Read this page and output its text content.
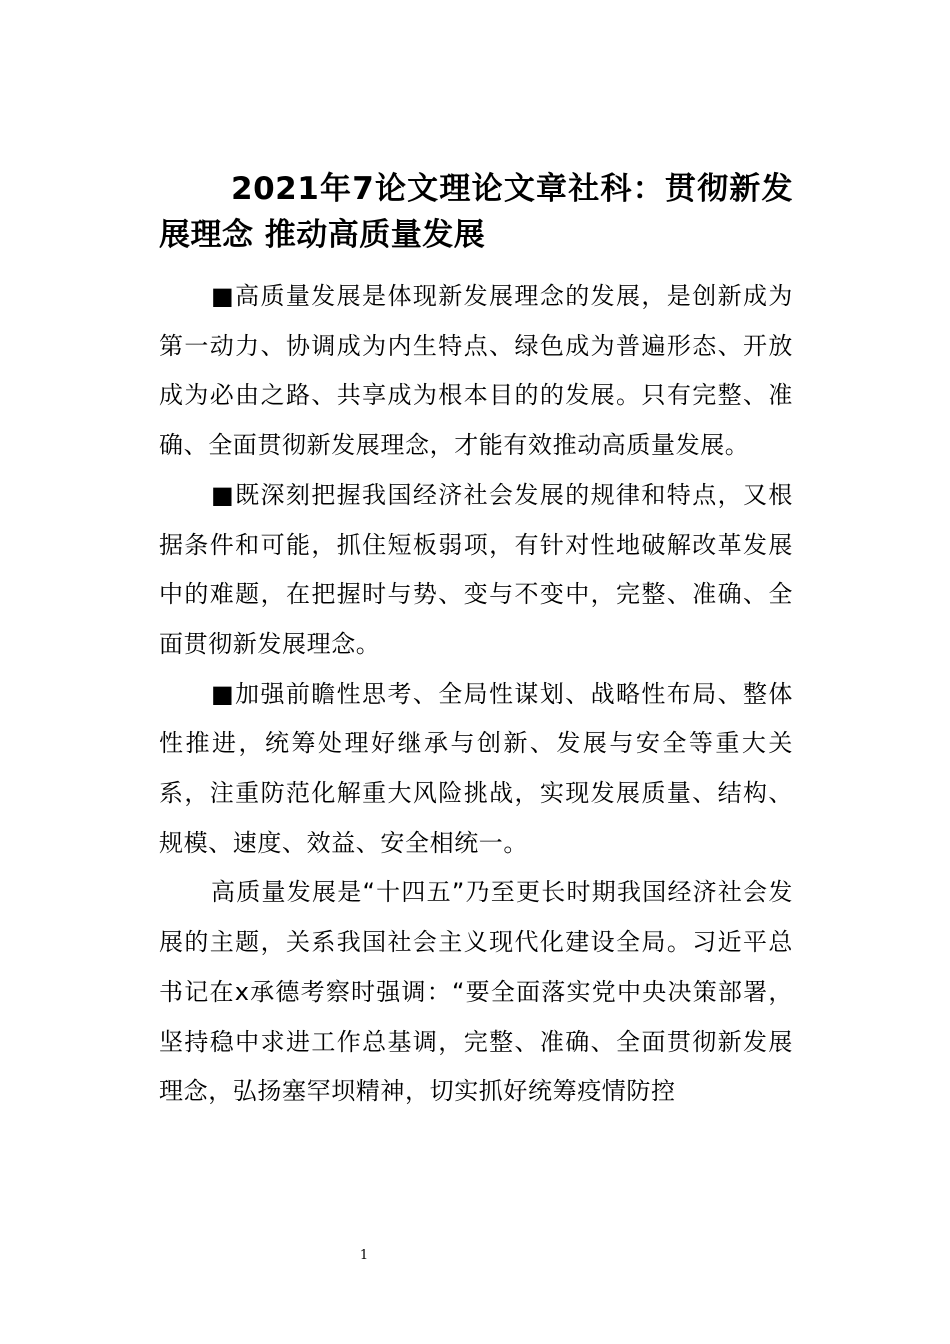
2021年7论文理论文章社科：贯彻新发展理念 推动高质量发展

■高质量发展是体现新发展理念的发展，是创新成为第一动力、协调成为内生特点、绿色成为普遍形态、开放成为必由之路、共享成为根本目的的发展。只有完整、准确、全面贯彻新发展理念，才能有效推动高质量发展。

■既深刻把握我国经济社会发展的规律和特点，又根据条件和可能，抓住短板弱项，有针对性地破解改革发展中的难题，在把握时与势、变与不变中，完整、准确、全面贯彻新发展理念。

■加强前瞻性思考、全局性谋划、战略性布局、整体性推进，统筹处理好继承与创新、发展与安全等重大关系，注重防范化解重大风险挑战，实现发展质量、结构、规模、速度、效益、安全相统一。

高质量发展是“十四五”乃至更长时期我国经济社会发展的主题，关系我国社会主义现代化建设全局。习近平总书记在x承德考察时强调：“要全面落实党中央决策部署，坚持稳中求进工作总基调，完整、准确、全面贯彻新发展理念，弘扬塞罕坝精神，切实抓好统筹疫情防控

1
